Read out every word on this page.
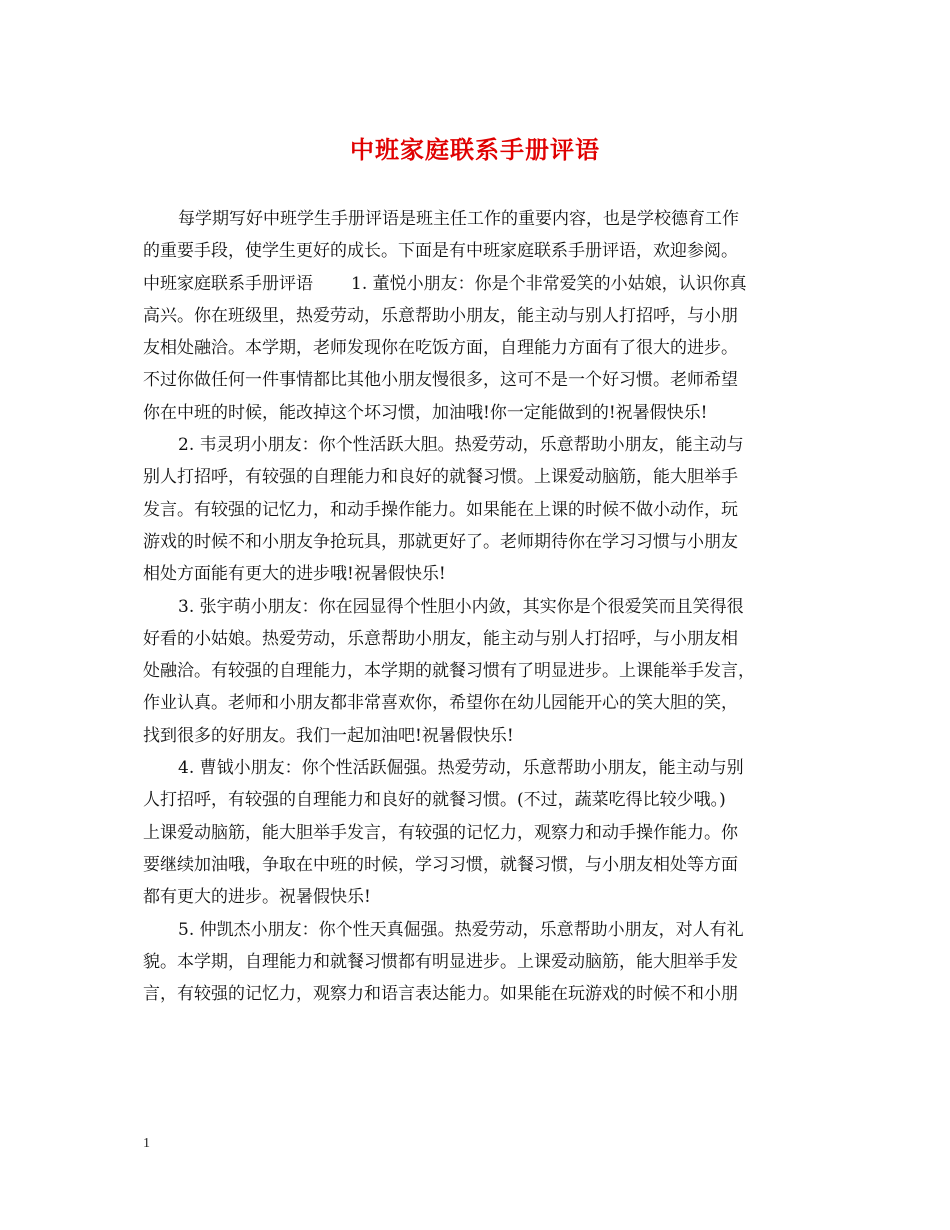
中班家庭联系手册评语
每学期写好中班学生手册评语是班主任工作的重要内容，也是学校德育工作
的重要手段，使学生更好的成长。下面是有中班家庭联系手册评语，欢迎参阅。
中班家庭联系手册评语 1. 董悦小朋友：你是个非常爱笑的小姑娘，认识你真
高兴。你在班级里，热爱劳动，乐意帮助小朋友，能主动与别人打招呼，与小朋
友相处融洽。本学期，老师发现你在吃饭方面，自理能力方面有了很大的进步。
不过你做任何一件事情都比其他小朋友慢很多，这可不是一个好习惯。老师希望
你在中班的时候，能改掉这个坏习惯，加油哦!你一定能做到的!祝暑假快乐!
2. 韦灵玥小朋友：你个性活跃大胆。热爱劳动，乐意帮助小朋友，能主动与
别人打招呼，有较强的自理能力和良好的就餐习惯。上课爱动脑筋，能大胆举手
发言。有较强的记忆力，和动手操作能力。如果能在上课的时候不做小动作，玩
游戏的时候不和小朋友争抢玩具，那就更好了。老师期待你在学习习惯与小朋友
相处方面能有更大的进步哦!祝暑假快乐!
3. 张宇萌小朋友：你在园显得个性胆小内敛，其实你是个很爱笑而且笑得很
好看的小姑娘。热爱劳动，乐意帮助小朋友，能主动与别人打招呼，与小朋友相
处融洽。有较强的自理能力，本学期的就餐习惯有了明显进步。上课能举手发言，
作业认真。老师和小朋友都非常喜欢你，希望你在幼儿园能开心的笑大胆的笑，
找到很多的好朋友。我们一起加油吧!祝暑假快乐!
4. 曹钺小朋友：你个性活跃倔强。热爱劳动，乐意帮助小朋友，能主动与别
人打招呼，有较强的自理能力和良好的就餐习惯。(不过，蔬菜吃得比较少哦。)
上课爱动脑筋，能大胆举手发言，有较强的记忆力，观察力和动手操作能力。你
要继续加油哦，争取在中班的时候，学习习惯，就餐习惯，与小朋友相处等方面
都有更大的进步。祝暑假快乐!
5. 仲凯杰小朋友：你个性天真倔强。热爱劳动，乐意帮助小朋友，对人有礼
貌。本学期，自理能力和就餐习惯都有明显进步。上课爱动脑筋，能大胆举手发
言，有较强的记忆力，观察力和语言表达能力。如果能在玩游戏的时候不和小朋
1
